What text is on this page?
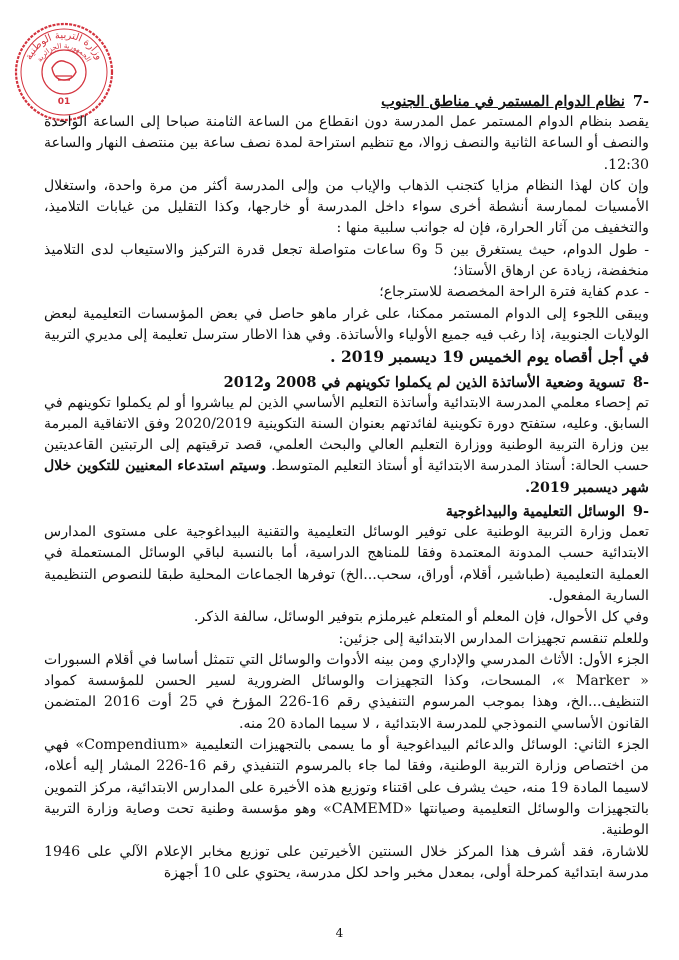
وزارة التربية الوطنية
الجمهورية الجزائرية
01	-7نظام الدوام المستمر في مناطق الجنوب

يقصد بنظام الدوام المستمر عمل المدرسة دون انقطاع من الساعة الثامنة صباحا إلى الساعة الواحدة والنصف أو الساعة الثانية والنصف زوالا، مع تنظيم استراحة لمدة نصف ساعة بين منتصف النهار والساعة 12:30.

وإن كان لهذا النظام مزايا كتجنب الذهاب والإياب من وإلى المدرسة أكثر من مرة واحدة، واستغلال الأمسيات لممارسة أنشطة أخرى سواء داخل المدرسة أو خارجها، وكذا التقليل من غيابات التلاميذ، والتخفيف من آثار الحرارة، فإن له جوانب سلبية منها :

- طول الدوام، حيث يستغرق بين 5 و6 ساعات متواصلة تجعل قدرة التركيز والاستيعاب لدى التلاميذ منخفضة، زيادة عن ارهاق الأستاذ؛

- عدم كفاية فترة الراحة المخصصة للاسترجاع؛

ويبقى اللجوء إلى الدوام المستمر ممكنا، على غرار ماهو حاصل في بعض المؤسسات التعليمية لبعض الولايات الجنوبية، إذا رغب فيه جميع الأولياء والأساتذة. وفي هذا الاطار سترسل تعليمة إلى مديري التربية في أجل أقصاه يوم الخميس 19 ديسمبر 2019 .

-8تسوية وضعية الأساتذة الذين لم يكملوا تكوينهم في 2008 و2012

تم إحصاء معلمي المدرسة الابتدائية وأساتذة التعليم الأساسي الذين لم يباشروا أو لم يكملوا تكوينهم في السابق. وعليه، ستفتح دورة تكوينية لفائدتهم بعنوان السنة التكوينية 2020/2019 وفق الاتفاقية المبرمة بين وزارة التربية الوطنية ووزارة التعليم العالي والبحث العلمي، قصد ترقيتهم إلى الرتبتين القاعديتين حسب الحالة: أستاذ المدرسة الابتدائية أو أستاذ التعليم المتوسط. وسيتم استدعاء المعنيين للتكوين خلال شهر ديسمبر 2019.

-9الوسائل التعليمية والبيداغوجية

تعمل وزارة التربية الوطنية على توفير الوسائل التعليمية والتقنية البيداغوجية على مستوى المدارس الابتدائية حسب المدونة المعتمدة وفقا للمناهج الدراسية، أما بالنسبة لباقي الوسائل المستعملة في العملية التعليمية (طباشير، أقلام، أوراق، سحب...الخ) توفرها الجماعات المحلية طبقا للنصوص التنظيمية السارية المفعول.

وفي كل الأحوال، فإن المعلم أو المتعلم غيرملزم بتوفير الوسائل، سالفة الذكر.

وللعلم تنقسم تجهيزات المدارس الابتدائية إلى جزئين:

الجزء الأول: الأثاث المدرسي والإداري ومن بينه الأدوات والوسائل التي تتمثل أساسا في أقلام السبورات « Marker »، المسحات، وكذا التجهيزات والوسائل الضرورية لسير الحسن للمؤسسة كمواد التنظيف...الخ، وهذا بموجب المرسوم التنفيذي رقم 16-226 المؤرخ في 25 أوت 2016 المتضمن القانون الأساسي النموذجي للمدرسة الابتدائية ، لا سيما المادة 20 منه.

الجزء الثاني: الوسائل والدعائم البيداغوجية أو ما يسمى بالتجهيزات التعليمية «Compendium» فهي من اختصاص وزارة التربية الوطنية، وفقا لما جاء بالمرسوم التنفيذي رقم 16-226 المشار إليه أعلاه، لاسيما المادة 19 منه، حيث يشرف على اقتناء وتوزيع هذه الأخيرة على المدارس الابتدائية، مركز التموين بالتجهيزات والوسائل التعليمية وصيانتها «CAMEMD» وهو مؤسسة وطنية تحت وصاية وزارة التربية الوطنية.

للاشارة، فقد أشرف هذا المركز خلال السنتين الأخيرتين على توزيع مخابر الإعلام الآلي على 1946 مدرسة ابتدائية كمرحلة أولى، بمعدل مخبر واحد لكل مدرسة، يحتوي على 10 أجهزة

4
